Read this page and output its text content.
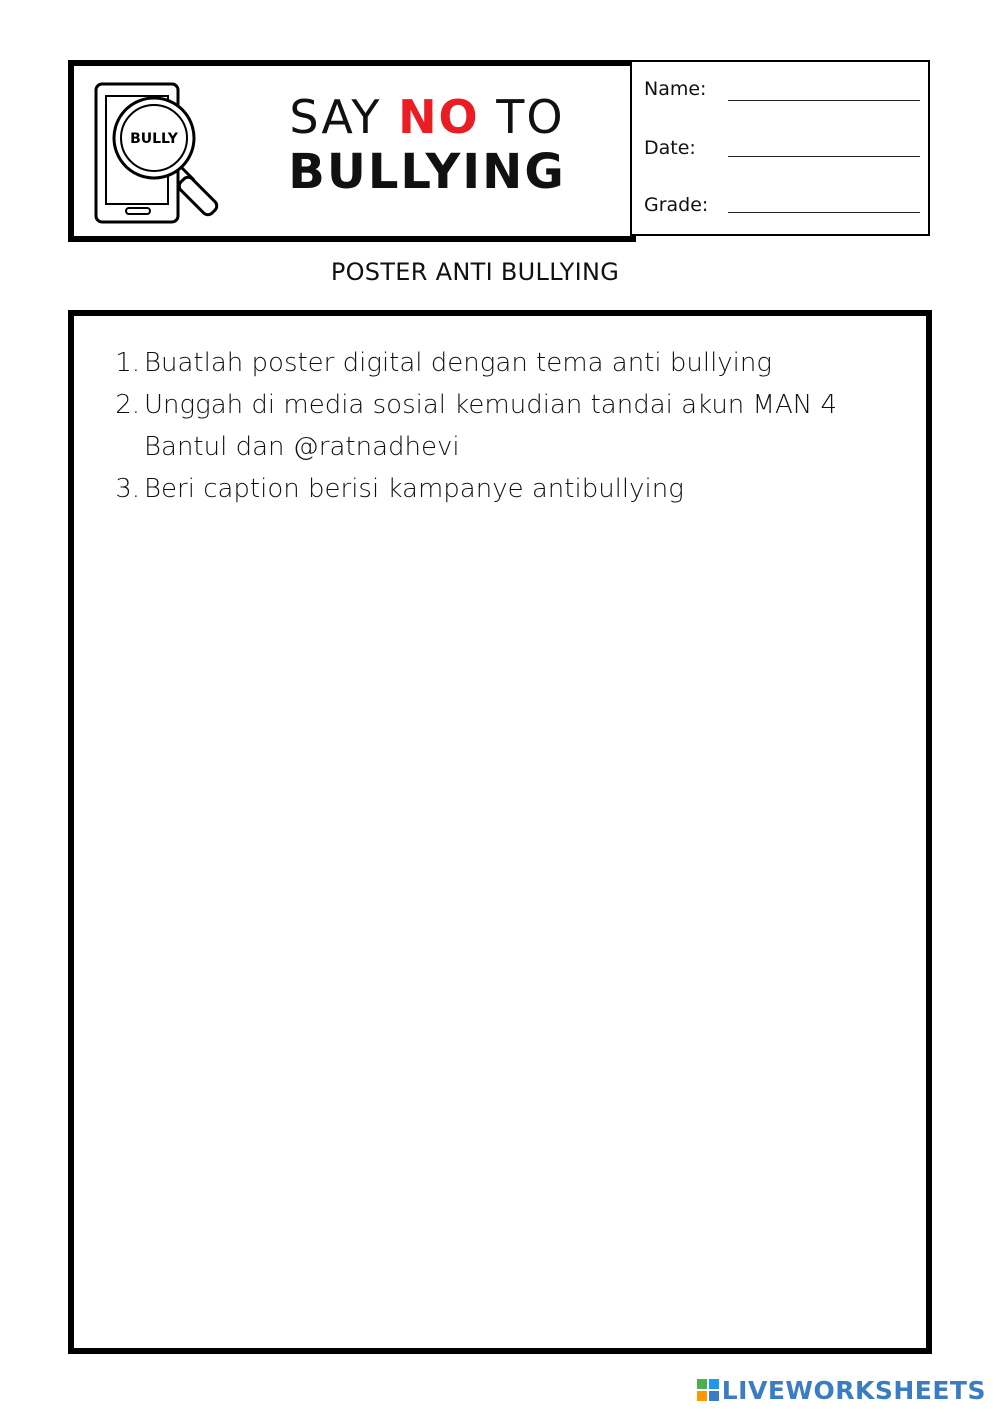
BULLY	SAY NO TO
BULLYING
Name:
Date:
Grade:
POSTER ANTI BULLYING
1. Buatlah poster digital dengan tema anti bullying
2. Unggah di media sosial kemudian tandai akun MAN 4 Bantul dan @ratnadhevi
3. Beri caption berisi kampanye antibullying
LIVEWORKSHEETS
